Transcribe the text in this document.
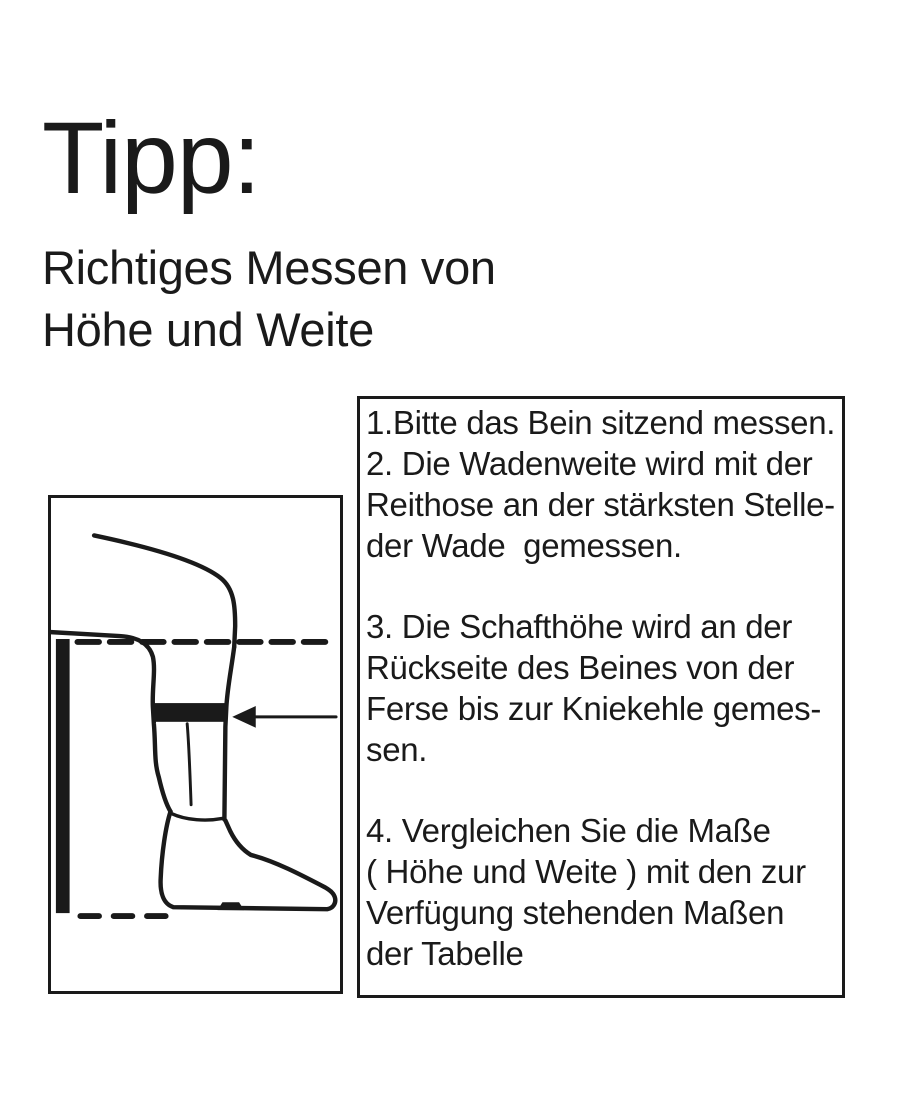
Tipp:
Richtiges Messen von
Höhe und Weite
1.Bitte das Bein sitzend messen.
2. Die Wadenweite wird mit der
Reithose an der stärksten Stelle-
der Wade  gemessen.
3. Die Schafthöhe wird an der
Rückseite des Beines von der
Ferse bis zur Kniekehle gemes-
sen.
4. Vergleichen Sie die Maße
( Höhe und Weite ) mit den zur
Verfügung stehenden Maßen
der Tabelle
